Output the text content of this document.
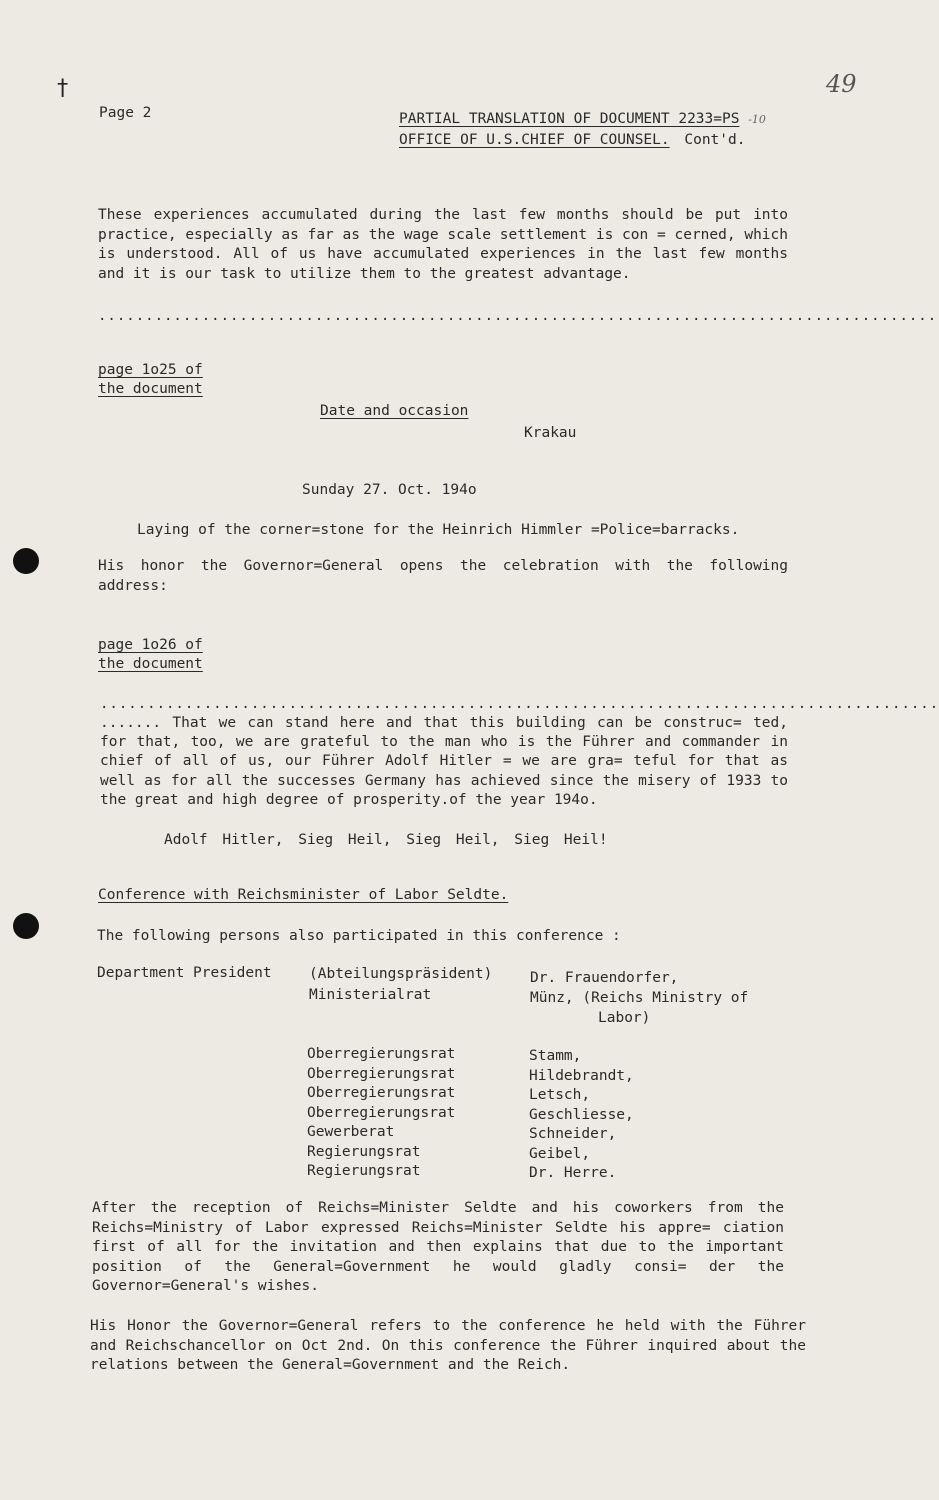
†
Page 2	PARTIAL TRANSLATION OF DOCUMENT 2233=PS -10
OFFICE OF U.S.CHIEF OF COUNSEL. Cont'd.
49
These experiences accumulated during the last few months should be put into practice, especially as far as the wage scale settlement is con = cerned, which is understood. All of us have accumulated experiences in the last few months and it is our task to utilize them to the greatest advantage.
.........................................................................................
page 1o25 of
the document
Date and occasion
Krakau
Sunday 27. Oct. 194o
Laying of the corner=stone for the Heinrich Himmler =Police=barracks.
His honor the Governor=General opens the celebration with the following address:
page 1o26 of
the document
.........................................................................................
....... That we can stand here and that this building can be construc= ted, for that, too, we are grateful to the man who is the Führer and commander in chief of all of us, our Führer Adolf Hitler = we are gra= teful for that as well as for all the successes Germany has achieved since the misery of 1933 to the great and high degree of prosperity.of the year 194o.
Adolf Hitler, Sieg Heil, Sieg Heil, Sieg Heil!
Conference with Reichsminister of Labor Seldte.
The following persons also participated in this conference :
Department President	(Abteilungspräsident)
Ministerialrat
Dr. Frauendorfer,
Münz, (Reichs Ministry of
Labor)
Oberregierungsrat
Oberregierungsrat
Oberregierungsrat
Oberregierungsrat
Gewerberat
Regierungsrat
Regierungsrat
Stamm,
Hildebrandt,
Letsch,
Geschliesse,
Schneider,
Geibel,
Dr. Herre.
After the reception of Reichs=Minister Seldte and his coworkers from the Reichs=Ministry of Labor expressed Reichs=Minister Seldte his appre= ciation first of all for the invitation and then explains that due to the important position of the General=Government he would gladly consi= der the Governor=General's wishes.
His Honor the Governor=General refers to the conference he held with the Führer and Reichschancellor on Oct 2nd. On this conference the Führer inquired about the relations between the General=Government and the Reich.
